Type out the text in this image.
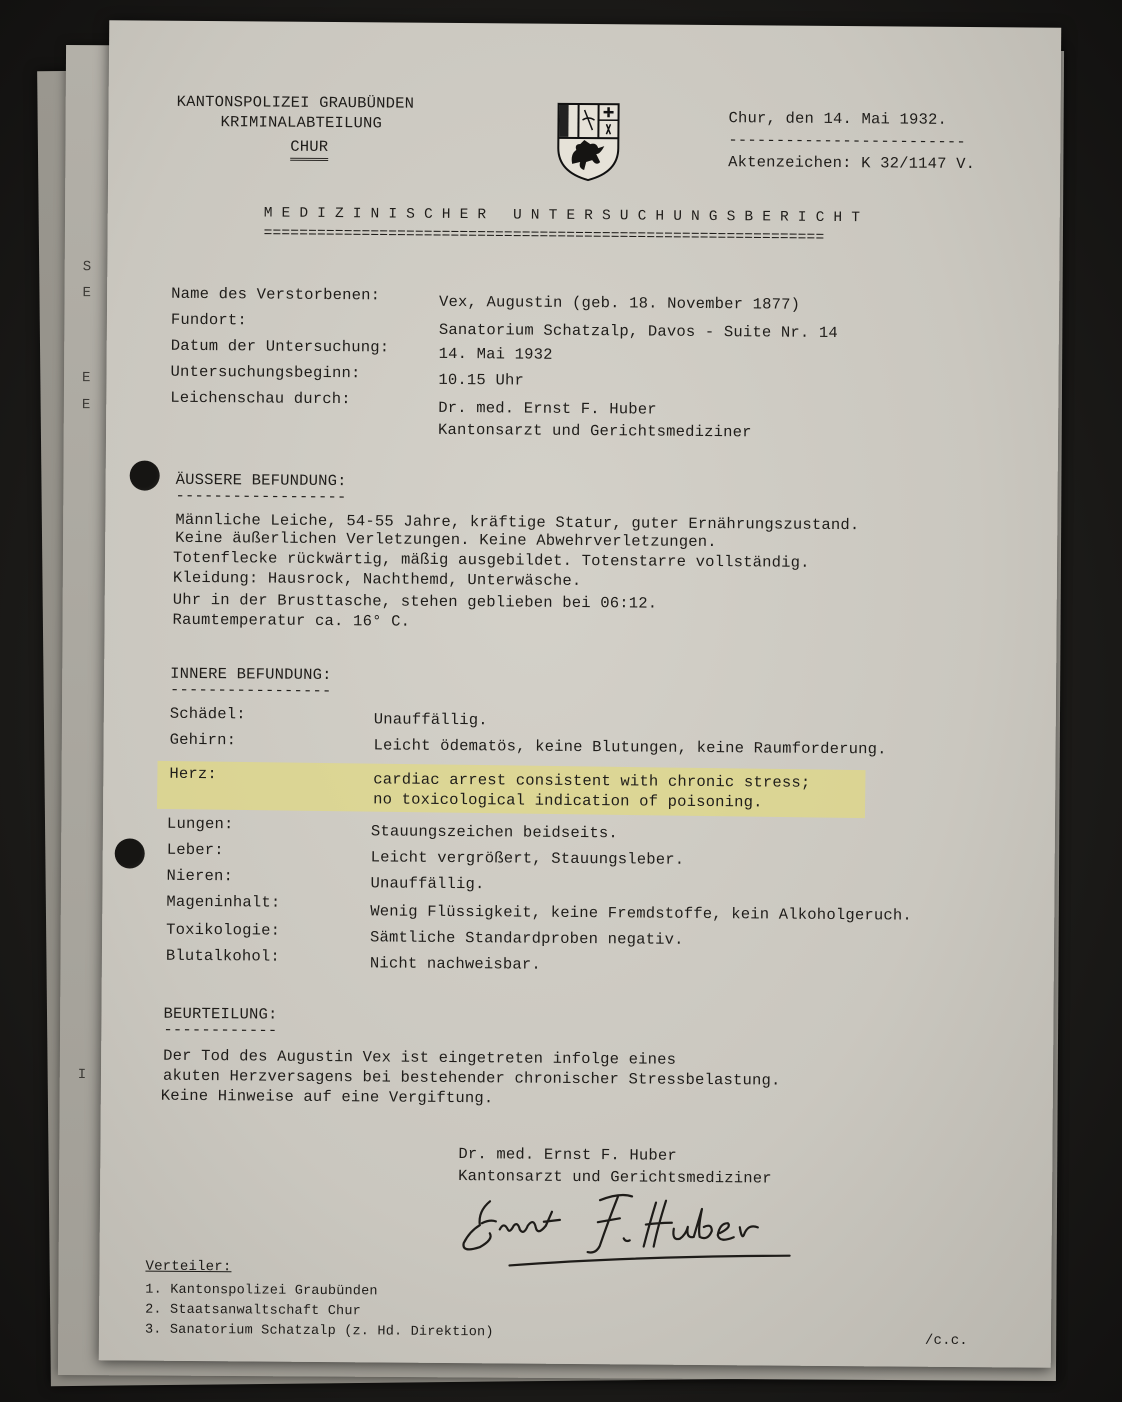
S
E
E
E
I
KANTONSPOLIZEI GRAUBÜNDEN
KRIMINALABTEILUNG
CHUR
Chur, den 14. Mai 1932.
-------------------------
Aktenzeichen: K 32/1147 V.
M E D I Z I N I S C H E R   U N T E R S U C H U N G S B E R I C H T
===============================================================
Name des Verstorbenen:	Vex, Augustin (geb. 18. November 1877)
Fundort:
Sanatorium Schatzalp, Davos - Suite Nr. 14
Datum der Untersuchung:	14. Mai 1932
Untersuchungsbeginn:	10.15 Uhr
Leichenschau durch:
Dr. med. Ernst F. Huber
Kantonsarzt und Gerichtsmediziner
ÄUSSERE BEFUNDUNG:
------------------
Männliche Leiche, 54-55 Jahre, kräftige Statur, guter Ernährungszustand.
Keine äußerlichen Verletzungen. Keine Abwehrverletzungen.
Totenflecke rückwärtig, mäßig ausgebildet. Totenstarre vollständig.
Kleidung: Hausrock, Nachthemd, Unterwäsche.
Uhr in der Brusttasche, stehen geblieben bei 06:12.
Raumtemperatur ca. 16° C.
INNERE BEFUNDUNG:
-----------------
Schädel:	Unauffällig.
Gehirn:	Leicht ödematös, keine Blutungen, keine Raumforderung.
Herz:	cardiac arrest consistent with chronic stress;
no toxicological indication of poisoning.
Lungen:	Stauungszeichen beidseits.
Leber:	Leicht vergrößert, Stauungsleber.
Nieren:	Unauffällig.
Mageninhalt:
Wenig Flüssigkeit, keine Fremdstoffe, kein Alkoholgeruch.
Toxikologie:	Sämtliche Standardproben negativ.
Blutalkohol:	Nicht nachweisbar.
BEURTEILUNG:
------------
Der Tod des Augustin Vex ist eingetreten infolge eines
akuten Herzversagens bei bestehender chronischer Stressbelastung.
Keine Hinweise auf eine Vergiftung.
Dr. med. Ernst F. Huber
Kantonsarzt und Gerichtsmediziner
Verteiler:
1. Kantonspolizei Graubünden
2. Staatsanwaltschaft Chur
3. Sanatorium Schatzalp (z. Hd. Direktion)
/c.c.
